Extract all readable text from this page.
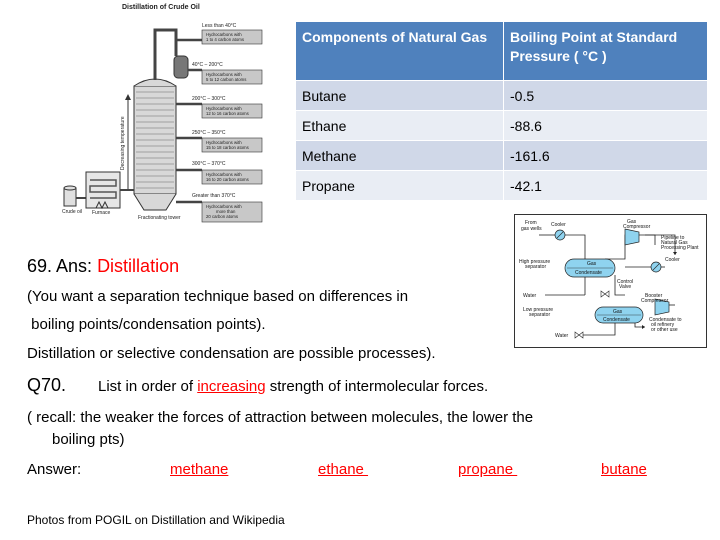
Distillation of Crude Oil
Less than 40°C
40°C – 200°C
200°C – 300°C
250°C – 350°C
300°C – 370°C
Greater than 370°C
Hydrocarbons with
1 to 4 carbon atoms
Hydrocarbons with
5 to 12 carbon atoms
Hydrocarbons with
12 to 16 carbon atoms
Hydrocarbons with
15 to 18 carbon atoms
Hydrocarbons with
16 to 20 carbon atoms
Hydrocarbons with
more than
20 carbon atoms
Decreasing temperature
Crude oil Furnace
Fractionating tower
Components of Natural Gas	Boiling Point at Standard Pressure ( °C )
Butane	-0.5
Ethane	-88.6
Methane	-161.6
Propane	-42.1
From
gas wells
Cooler	Gas
Compressor
Pipeline to
Natural Gas
Processing Plant
High pressure
separator	Gas
Condensate
Control
Valve
Cooler
Water	Booster
Compressor
Low pressure
separator	Gas
Condensate	Condensate to
oil refinery
or other use
Water
69. Ans: Distillation
(You want a separation technique based on differences in
boiling points/condensation points).
Distillation or selective condensation are possible processes).
Q70. List in order of increasing strength of intermolecular forces.
( recall: the weaker the forces of attraction between molecules, the lower the
boiling pts)
Answer:	methane	ethane	propane	butane
Photos from POGIL on Distillation and Wikipedia
